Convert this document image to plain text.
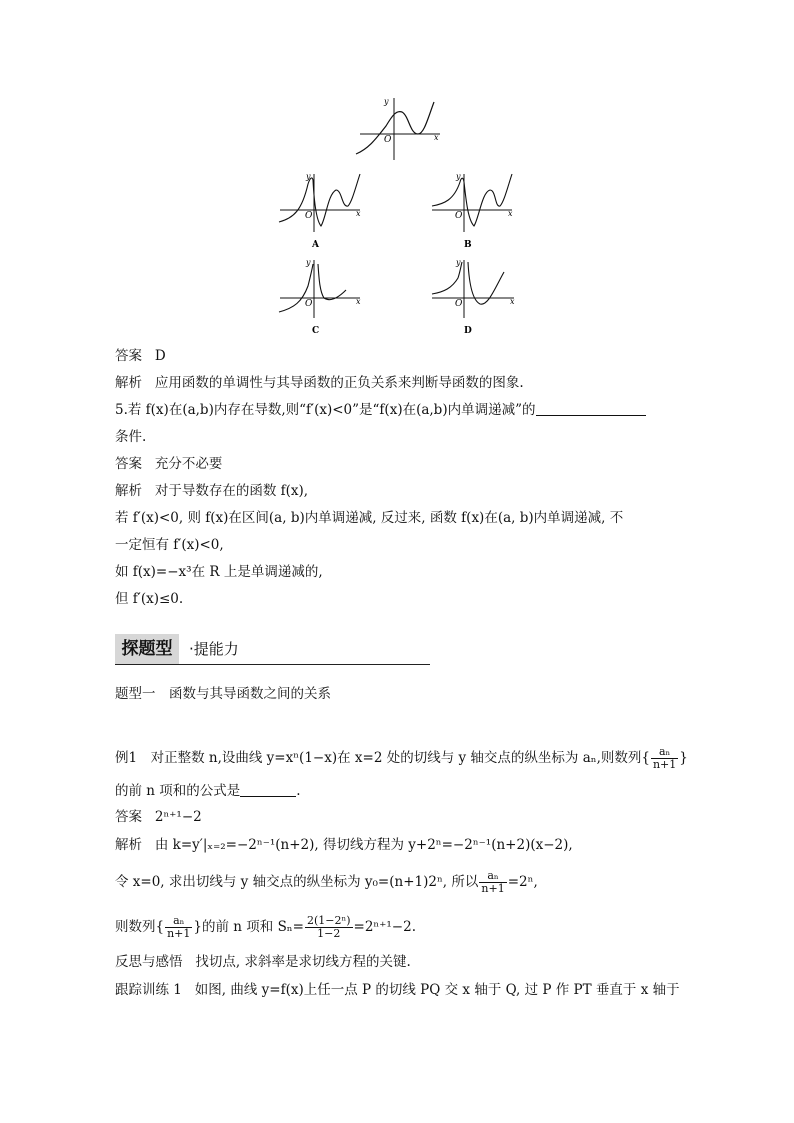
y
O	x
y
O	x
A
y
O	x
B
y
O	x
C
y
O	x
D
答案 D
解析 应用函数的单调性与其导函数的正负关系来判断导函数的图象.
5.若 f(x)在(a,b)内存在导数,则“f′(x)<0”是“f(x)在(a,b)内单调递减”的
条件.
答案 充分不必要
解析 对于导数存在的函数 f(x),
若 f′(x)<0, 则 f(x)在区间(a, b)内单调递减, 反过来, 函数 f(x)在(a, b)内单调递减, 不
一定恒有 f′(x)<0,
如 f(x)=−x³在 R 上是单调递减的,
但 f′(x)≤0.
探题型	·提能力
题型一　函数与其导函数之间的关系
例1　对正整数 n,设曲线 y=xⁿ(1−x)在 x=2 处的切线与 y 轴交点的纵坐标为 aₙ,则数列{ $\frac{\text{aₙ}}{n+1}$ }
的前 n 项和的公式是	.
答案 2ⁿ⁺¹−2
解析 由 k=y′|ₓ₌₂=−2ⁿ⁻¹(n+2), 得切线方程为 y+2ⁿ=−2ⁿ⁻¹(n+2)(x−2),
令 x=0, 求出切线与 y 轴交点的纵坐标为 y₀=(n+1)2ⁿ, 所以 $\frac{\text{aₙ}}{n+1} =2^n$,
则数列{ $\frac{\text{aₙ}}{n+1}$ }的前 n 项和 $S_n= \frac{\text{2(1−2ⁿ)}}{1-2} =2^{n+1}-2$.
反思与感悟 找切点, 求斜率是求切线方程的关键.
跟踪训练 1 如图, 曲线 y=f(x)上任一点 P 的切线 PQ 交 x 轴于 Q, 过 P 作 PT 垂直于 x 轴于
